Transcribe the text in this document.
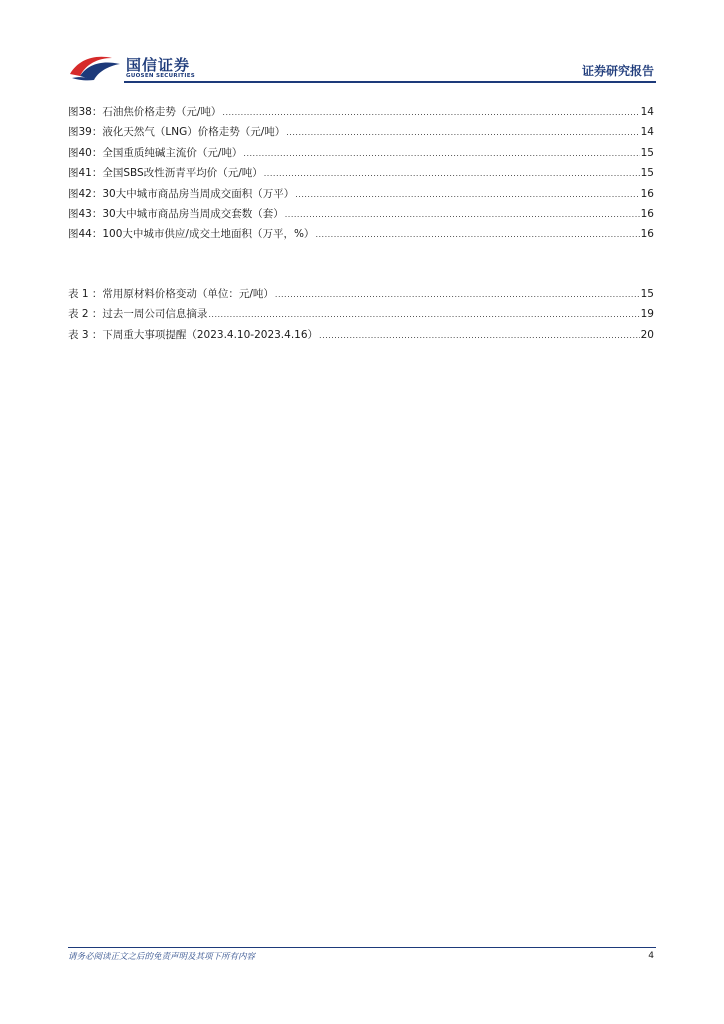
国信证券
GUOSEN SECURITIES	证券研究报告
图38： 石油焦价格走势（元/吨） .....	14
图39： 液化天然气（LNG）价格走势（元/吨） .....	14
图40： 全国重质纯碱主流价（元/吨） .....	15
图41： 全国SBS改性沥青平均价（元/吨） .....	15
图42： 30大中城市商品房当周成交面积（万平） .....	16
图43： 30大中城市商品房当周成交套数（套） .....	16
图44： 100大中城市供应/成交土地面积（万平，%） .....	16
表 1 ： 常用原材料价格变动（单位：元/吨） .....	15
表 2 ： 过去一周公司信息摘录 .....	19
表 3 ： 下周重大事项提醒（2023.4.10-2023.4.16） .....	20
请务必阅读正文之后的免责声明及其项下所有内容	4
